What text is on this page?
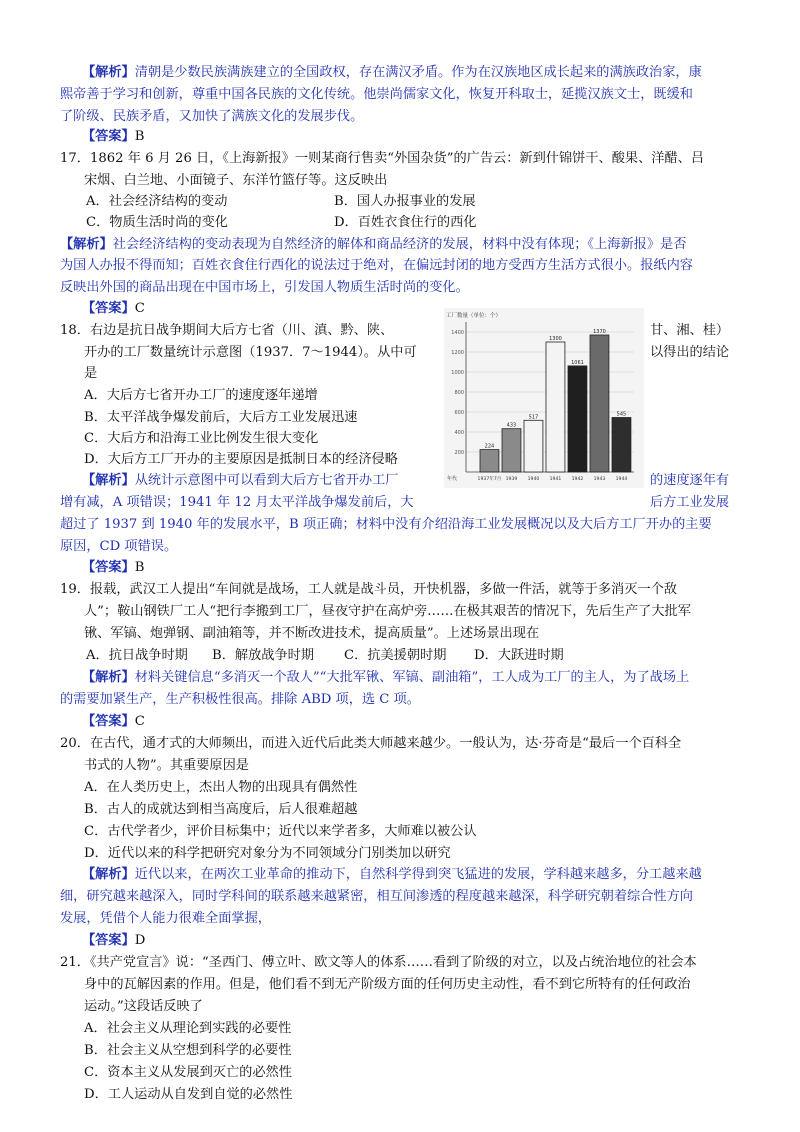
【解析】清朝是少数民族满族建立的全国政权，存在满汉矛盾。作为在汉族地区成长起来的满族政治家，康
熙帝善于学习和创新，尊重中国各民族的文化传统。他崇尚儒家文化，恢复开科取士，延揽汉族文士，既缓和
了阶级、民族矛盾，又加快了满族文化的发展步伐。
【答案】B
17．1862 年 6 月 26 日，《上海新报》一则某商行售卖“外国杂货”的广告云：新到什锦饼干、酸果、洋醋、吕
宋烟、白兰地、小面镜子、东洋竹篮仔等。这反映出
A．社会经济结构的变动	B．国人办报事业的发展
C．物质生活时尚的变化	D．百姓衣食住行的西化
【解析】社会经济结构的变动表现为自然经济的解体和商品经济的发展，材料中没有体现；《上海新报》是否
为国人办报不得而知；百姓衣食住行西化的说法过于绝对，在偏远封闭的地方受西方生活方式很小。报纸内容
反映出外国的商品出现在中国市场上，引发国人物质生活时尚的变化。
【答案】C
18．右边是抗日战争期间大后方七省（川、滇、黔、陕、	甘、湘、桂）
开办的工厂数量统计示意图（1937．7～1944）。从中可	以得出的结论
是
A．大后方七省开办工厂的速度逐年递增
B．太平洋战争爆发前后，大后方工业发展迅速
C．大后方和沿海工业比例发生很大变化
D．大后方工厂开办的主要原因是抵制日本的经济侵略
【解析】从统计示意图中可以看到大后方七省开办工厂	的速度逐年有
增有减，A 项错误；1941 年 12 月太平洋战争爆发前后，大	后方工业发展
超过了 1937 到 1940 年的发展水平，B 项正确；材料中没有介绍沿海工业发展概况以及大后方工厂开办的主要
原因，CD 项错误。
【答案】B
工厂数量（单位：个）
200
400
600
800
1000
1200
1400
224
1937年7月
433
1939
517
1940
1300
1941
1061
1942
1370
1943
545
1944
年代
19．报载，武汉工人提出“车间就是战场，工人就是战斗员，开快机器，多做一件活，就等于多消灭一个敌
人”；鞍山钢铁厂工人“把行李搬到工厂，昼夜守护在高炉旁……在极其艰苦的情况下，先后生产了大批军
锹、军镐、炮弹钢、副油箱等，并不断改进技术，提高质量”。上述场景出现在
A．抗日战争时期 B．解放战争时期 C．抗美援朝时期 D．大跃进时期
【解析】材料关键信息“多消灭一个敌人”“大批军锹、军镐、副油箱”，工人成为工厂的主人，为了战场上
的需要加紧生产，生产积极性很高。排除 ABD 项，选 C 项。
【答案】C
20．在古代，通才式的大师频出，而进入近代后此类大师越来越少。一般认为，达·芬奇是“最后一个百科全
书式的人物”。其重要原因是
A．在人类历史上，杰出人物的出现具有偶然性
B．古人的成就达到相当高度后，后人很难超越
C．古代学者少，评价目标集中；近代以来学者多，大师难以被公认
D．近代以来的科学把研究对象分为不同领域分门别类加以研究
【解析】近代以来，在两次工业革命的推动下，自然科学得到突飞猛进的发展，学科越来越多，分工越来越
细，研究越来越深入，同时学科间的联系越来越紧密，相互间渗透的程度越来越深，科学研究朝着综合性方向
发展，凭借个人能力很难全面掌握，
【答案】D
21．《共产党宣言》说：“圣西门、傅立叶、欧文等人的体系……看到了阶级的对立，以及占统治地位的社会本
身中的瓦解因素的作用。但是，他们看不到无产阶级方面的任何历史主动性，看不到它所特有的任何政治
运动。”这段话反映了
A．社会主义从理论到实践的必要性
B．社会主义从空想到科学的必要性
C．资本主义从发展到灭亡的必然性
D．工人运动从自发到自觉的必然性
